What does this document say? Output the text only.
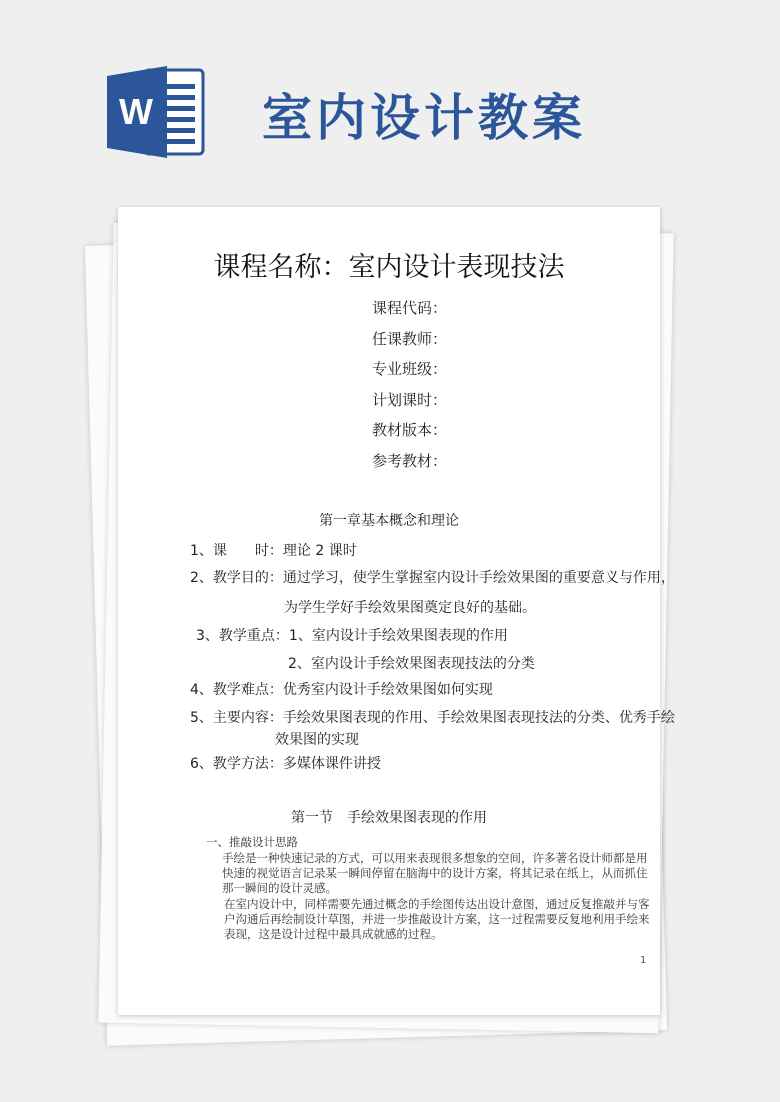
W 室内设计教案
课程名称：室内设计表现技法
课程代码：
任课教师：
专业班级：
计划课时：
教材版本：
参考教材：
第一章基本概念和理论
1、课　　时：理论 2 课时
2、教学目的：通过学习，使学生掌握室内设计手绘效果图的重要意义与作用，
为学生学好手绘效果图奠定良好的基础。
3、教学重点：1、室内设计手绘效果图表现的作用
2、室内设计手绘效果图表现技法的分类
4、教学难点：优秀室内设计手绘效果图如何实现
5、主要内容：手绘效果图表现的作用、手绘效果图表现技法的分类、优秀手绘
效果图的实现
6、教学方法：多媒体课件讲授
第一节　手绘效果图表现的作用
一、推敲设计思路
手绘是一种快速记录的方式，可以用来表现很多想象的空间，许多著名设计师都是用
快速的视觉语言记录某一瞬间停留在脑海中的设计方案，将其记录在纸上，从而抓住
那一瞬间的设计灵感。
在室内设计中，同样需要先通过概念的手绘图传达出设计意图，通过反复推敲并与客
户沟通后再绘制设计草图，并进一步推敲设计方案，这一过程需要反复地利用手绘来
表现，这是设计过程中最具成就感的过程。
1
